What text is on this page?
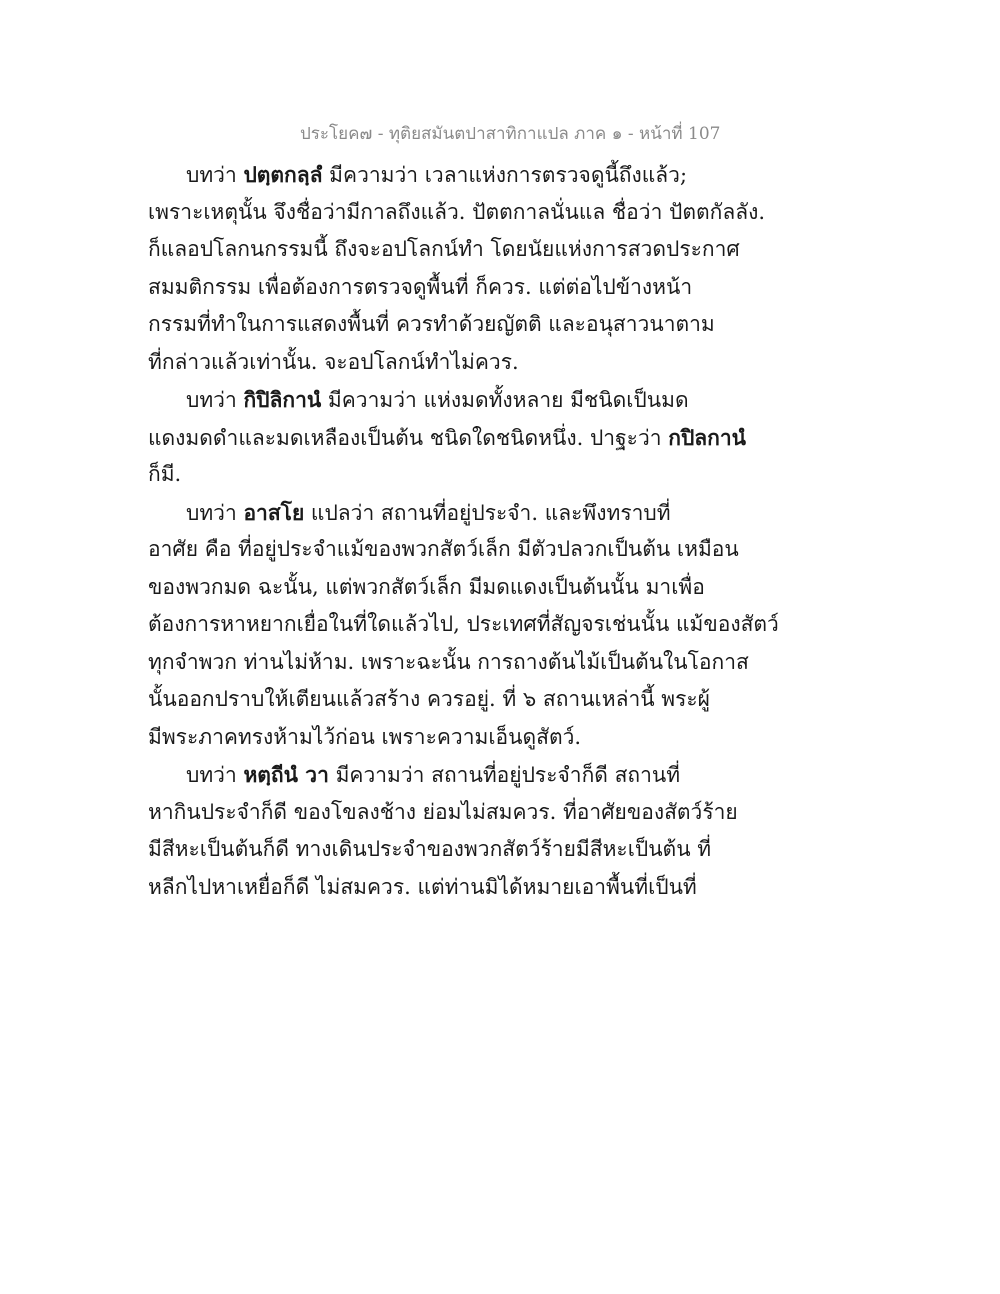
ประโยค๗ - ทุติยสมันตปาสาทิกาแปล ภาค ๑ - หน้าที่ 107
บทว่า ปตฺตกลฺลํ มีความว่า เวลาแห่งการตรวจดูนี้ถึงแล้ว;
เพราะเหตุนั้น จึงชื่อว่ามีกาลถึงแล้ว. ปัตตกาลนั่นแล ชื่อว่า ปัตตกัลลัง.
ก็แลอปโลกนกรรมนี้ ถึงจะอปโลกน์ทำ โดยนัยแห่งการสวดประกาศ
สมมติกรรม เพื่อต้องการตรวจดูพื้นที่ ก็ควร. แต่ต่อไปข้างหน้า
กรรมที่ทำในการแสดงพื้นที่ ควรทำด้วยญัตติ และอนุสาวนาตาม
ที่กล่าวแล้วเท่านั้น. จะอปโลกน์ทำไม่ควร.
บทว่า กิปิลิกานํ มีความว่า แห่งมดทั้งหลาย มีชนิดเป็นมด
แดงมดดำและมดเหลืองเป็นต้น ชนิดใดชนิดหนึ่ง. ปาฐะว่า กปิลกานํ
ก็มี.
บทว่า อาสโย แปลว่า สถานที่อยู่ประจำ. และพึงทราบที่
อาศัย คือ ที่อยู่ประจำแม้ของพวกสัตว์เล็ก มีตัวปลวกเป็นต้น เหมือน
ของพวกมด ฉะนั้น, แต่พวกสัตว์เล็ก มีมดแดงเป็นต้นนั้น มาเพื่อ
ต้องการหาหยากเยื่อในที่ใดแล้วไป, ประเทศที่สัญจรเช่นนั้น แม้ของสัตว์
ทุกจำพวก ท่านไม่ห้าม. เพราะฉะนั้น การถางต้นไม้เป็นต้นในโอกาส
นั้นออกปราบให้เตียนแล้วสร้าง ควรอยู่. ที่ ๖ สถานเหล่านี้ พระผู้
มีพระภาคทรงห้ามไว้ก่อน เพราะความเอ็นดูสัตว์.
บทว่า หตฺถีนํ วา มีความว่า สถานที่อยู่ประจำก็ดี สถานที่
หากินประจำก็ดี ของโขลงช้าง ย่อมไม่สมควร. ที่อาศัยของสัตว์ร้าย
มีสีหะเป็นต้นก็ดี ทางเดินประจำของพวกสัตว์ร้ายมีสีหะเป็นต้น ที่
หลีกไปหาเหยื่อก็ดี ไม่สมควร. แต่ท่านมิได้หมายเอาพื้นที่เป็นที่
